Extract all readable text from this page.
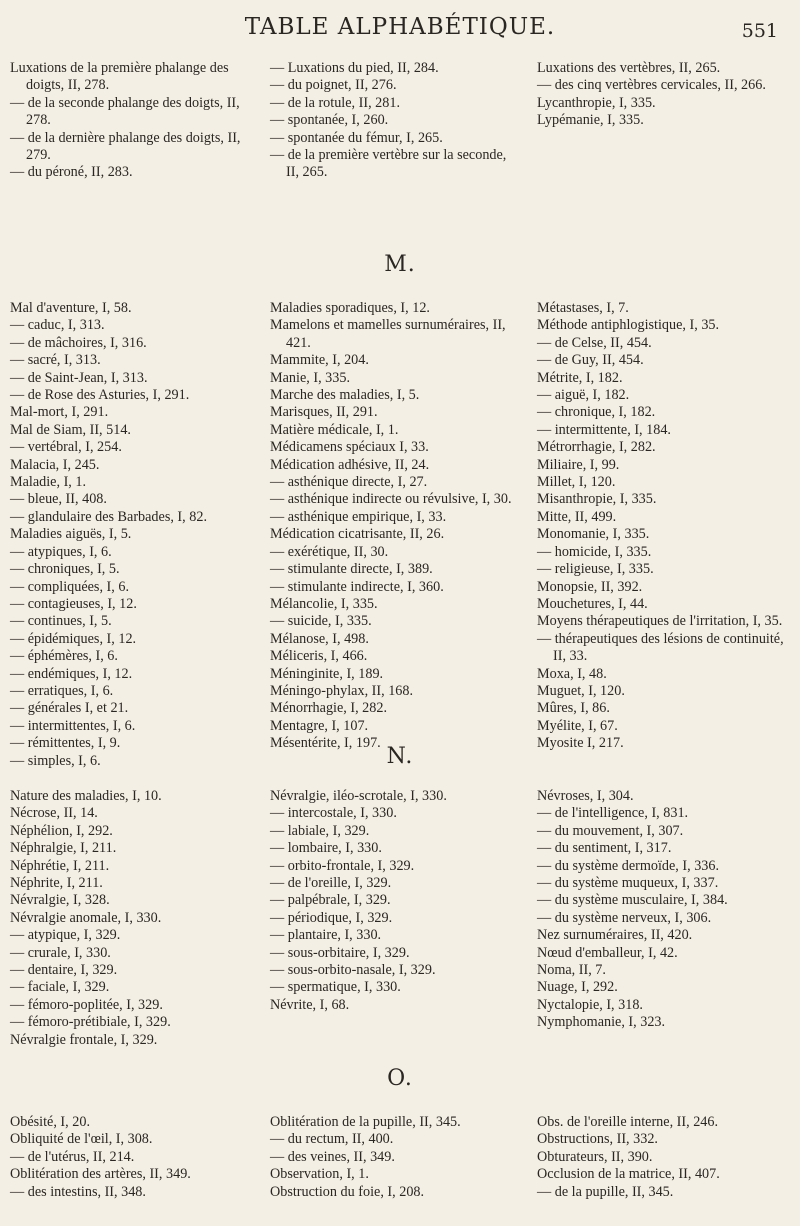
TABLE ALPHABÉTIQUE.	551

Luxations de la première phalange des doigts, II, 278.

— de la seconde phalange des doigts, II, 278.

— de la dernière phalange des doigts, II, 279.

— du péroné, II, 283.

— Luxations du pied, II, 284.

— du poignet, II, 276.

— de la rotule, II, 281.

— spontanée, I, 260.

— spontanée du fémur, I, 265.

— de la première vertèbre sur la seconde, II, 265.

Luxations des vertèbres, II, 265.

— des cinq vertèbres cervicales, II, 266.

Lycanthropie, I, 335.

Lypémanie, I, 335.

M.

Mal d'aventure, I, 58.

— caduc, I, 313.

— de mâchoires, I, 316.

— sacré, I, 313.

— de Saint-Jean, I, 313.

— de Rose des Asturies, I, 291.

Mal-mort, I, 291.

Mal de Siam, II, 514.

— vertébral, I, 254.

Malacia, I, 245.

Maladie, I, 1.

— bleue, II, 408.

— glandulaire des Barbades, I, 82.

Maladies aiguës, I, 5.

— atypiques, I, 6.

— chroniques, I, 5.

— compliquées, I, 6.

— contagieuses, I, 12.

— continues, I, 5.

— épidémiques, I, 12.

— éphémères, I, 6.

— endémiques, I, 12.

— erratiques, I, 6.

— générales I, et 21.

— intermittentes, I, 6.

— rémittentes, I, 9.

— simples, I, 6.

Maladies sporadiques, I, 12.

Mamelons et mamelles surnuméraires, II, 421.

Mammite, I, 204.

Manie, I, 335.

Marche des maladies, I, 5.

Marisques, II, 291.

Matière médicale, I, 1.

Médicamens spéciaux I, 33.

Médication adhésive, II, 24.

— asthénique directe, I, 27.

— asthénique indirecte ou révulsive, I, 30.

— asthénique empirique, I, 33.

Médication cicatrisante, II, 26.

— exérétique, II, 30.

— stimulante directe, I, 389.

— stimulante indirecte, I, 360.

Mélancolie, I, 335.

— suicide, I, 335.

Mélanose, I, 498.

Méliceris, I, 466.

Méninginite, I, 189.

Méningo-phylax, II, 168.

Ménorrhagie, I, 282.

Mentagre, I, 107.

Mésentérite, I, 197.

Métastases, I, 7.

Méthode antiphlogistique, I, 35.

— de Celse, II, 454.

— de Guy, II, 454.

Métrite, I, 182.

— aiguë, I, 182.

— chronique, I, 182.

— intermittente, I, 184.

Métrorrhagie, I, 282.

Miliaire, I, 99.

Millet, I, 120.

Misanthropie, I, 335.

Mitte, II, 499.

Monomanie, I, 335.

— homicide, I, 335.

— religieuse, I, 335.

Monopsie, II, 392.

Mouchetures, I, 44.

Moyens thérapeutiques de l'irritation, I, 35.

— thérapeutiques des lésions de continuité, II, 33.

Moxa, I, 48.

Muguet, I, 120.

Mûres, I, 86.

Myélite, I, 67.

Myosite I, 217.

N.

Nature des maladies, I, 10.

Nécrose, II, 14.

Néphélion, I, 292.

Néphralgie, I, 211.

Néphrétie, I, 211.

Néphrite, I, 211.

Névralgie, I, 328.

Névralgie anomale, I, 330.

— atypique, I, 329.

— crurale, I, 330.

— dentaire, I, 329.

— faciale, I, 329.

— fémoro-poplitée, I, 329.

— fémoro-prétibiale, I, 329.

Névralgie frontale, I, 329.

Névralgie, iléo-scrotale, I, 330.

— intercostale, I, 330.

— labiale, I, 329.

— lombaire, I, 330.

— orbito-frontale, I, 329.

— de l'oreille, I, 329.

— palpébrale, I, 329.

— périodique, I, 329.

— plantaire, I, 330.

— sous-orbitaire, I, 329.

— sous-orbito-nasale, I, 329.

— spermatique, I, 330.

Névrite, I, 68.

Névroses, I, 304.

— de l'intelligence, I, 831.

— du mouvement, I, 307.

— du sentiment, I, 317.

— du système dermoïde, I, 336.

— du système muqueux, I, 337.

— du système musculaire, I, 384.

— du système nerveux, I, 306.

Nez surnuméraires, II, 420.

Nœud d'emballeur, I, 42.

Noma, II, 7.

Nuage, I, 292.

Nyctalopie, I, 318.

Nymphomanie, I, 323.

O.

Obésité, I, 20.

Obliquité de l'œil, I, 308.

— de l'utérus, II, 214.

Oblitération des artères, II, 349.

— des intestins, II, 348.

Oblitération de la pupille, II, 345.

— du rectum, II, 400.

— des veines, II, 349.

Observation, I, 1.

Obstruction du foie, I, 208.

Obs. de l'oreille interne, II, 246.

Obstructions, II, 332.

Obturateurs, II, 390.

Occlusion de la matrice, II, 407.

— de la pupille, II, 345.
